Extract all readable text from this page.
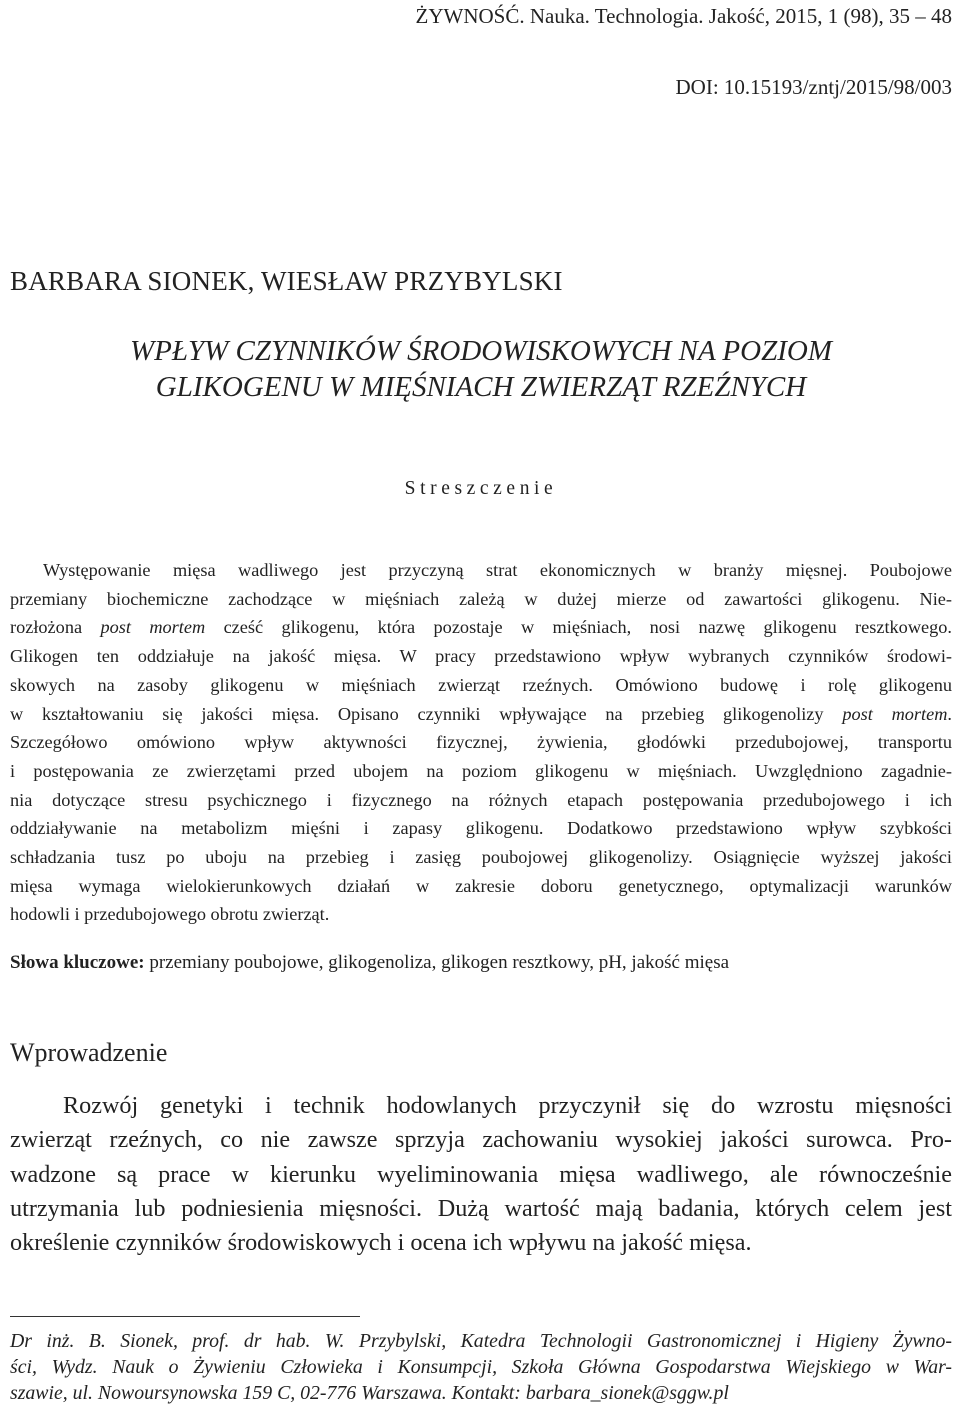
ŻYWNOŚĆ. Nauka. Technologia. Jakość, 2015, 1 (98), 35 – 48
DOI: 10.15193/zntj/2015/98/003
BARBARA SIONEK, WIESŁAW PRZYBYLSKI
WPŁYW CZYNNIKÓW ŚRODOWISKOWYCH NA POZIOM
GLIKOGENU W MIĘŚNIACH ZWIERZĄT RZEŹNYCH
Streszczenie

Występowanie mięsa wadliwego jest przyczyną strat ekonomicznych w branży mięsnej. Poubojowe

przemiany biochemiczne zachodzące w mięśniach zależą w dużej mierze od zawartości glikogenu. Nie-

rozłożona post mortem cześć glikogenu, która pozostaje w mięśniach, nosi nazwę glikogenu resztkowego.

Glikogen ten oddziałuje na jakość mięsa. W pracy przedstawiono wpływ wybranych czynników środowi-

skowych na zasoby glikogenu w mięśniach zwierząt rzeźnych. Omówiono budowę i rolę glikogenu

w kształtowaniu się jakości mięsa. Opisano czynniki wpływające na przebieg glikogenolizy post mortem.

Szczegółowo omówiono wpływ aktywności fizycznej, żywienia, głodówki przedubojowej, transportu

i postępowania ze zwierzętami przed ubojem na poziom glikogenu w mięśniach. Uwzględniono zagadnie-

nia dotyczące stresu psychicznego i fizycznego na różnych etapach postępowania przedubojowego i ich

oddziaływanie na metabolizm mięśni i zapasy glikogenu. Dodatkowo przedstawiono wpływ szybkości

schładzania tusz po uboju na przebieg i zasięg poubojowej glikogenolizy. Osiągnięcie wyższej jakości

mięsa wymaga wielokierunkowych działań w zakresie doboru genetycznego, optymalizacji warunków

hodowli i przedubojowego obrotu zwierząt.

Słowa kluczowe: przemiany poubojowe, glikogenoliza, glikogen resztkowy, pH, jakość mięsa
Wprowadzenie

Rozwój genetyki i technik hodowlanych przyczynił się do wzrostu mięsności

zwierząt rzeźnych, co nie zawsze sprzyja zachowaniu wysokiej jakości surowca. Pro-

wadzone są prace w kierunku wyeliminowania mięsa wadliwego, ale równocześnie

utrzymania lub podniesienia mięsności. Dużą wartość mają badania, których celem jest

określenie czynników środowiskowych i ocena ich wpływu na jakość mięsa.

Dr inż. B. Sionek, prof. dr hab. W. Przybylski, Katedra Technologii Gastronomicznej i Higieny Żywno-

ści, Wydz. Nauk o Żywieniu Człowieka i Konsumpcji, Szkoła Główna Gospodarstwa Wiejskiego w War-

szawie, ul. Nowoursynowska 159 C, 02-776 Warszawa. Kontakt: barbara_sionek@sggw.pl
